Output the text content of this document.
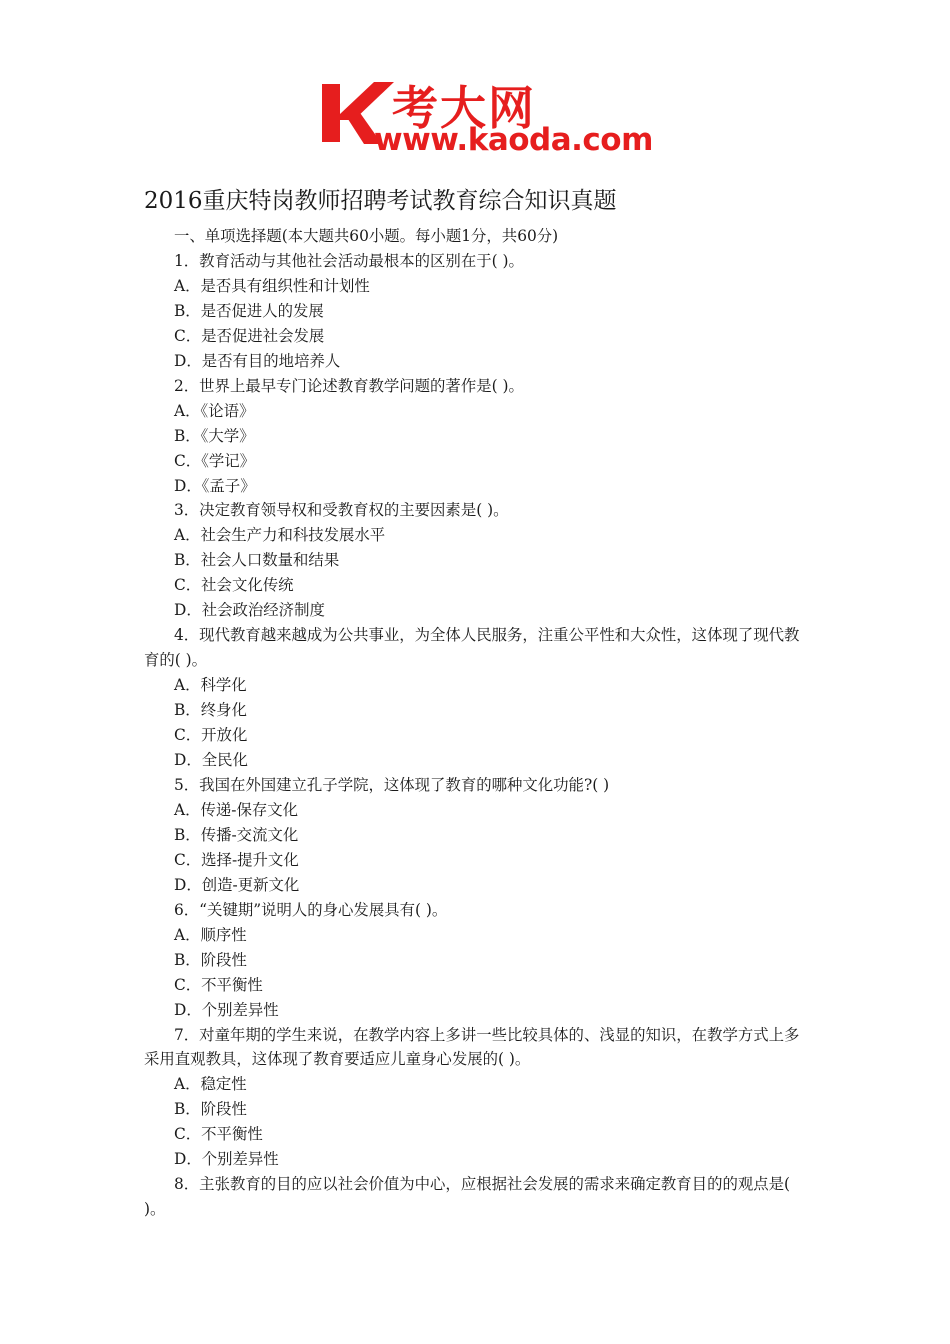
考大网
www.kaoda.com
2016重庆特岗教师招聘考试教育综合知识真题

一、单项选择题(本大题共60小题。每小题1分，共60分)

1．教育活动与其他社会活动最根本的区别在于( )。

A．是否具有组织性和计划性

B．是否促进人的发展

C．是否促进社会发展

D．是否有目的地培养人

2．世界上最早专门论述教育教学问题的著作是( )。

A．《论语》

B．《大学》

C．《学记》

D．《孟子》

3．决定教育领导权和受教育权的主要因素是( )。

A．社会生产力和科技发展水平

B．社会人口数量和结果

C．社会文化传统

D．社会政治经济制度

4．现代教育越来越成为公共事业，为全体人民服务，注重公平性和大众性，这体现了现代教育的( )。

A．科学化

B．终身化

C．开放化

D．全民化

5．我国在外国建立孔子学院，这体现了教育的哪种文化功能?( )

A．传递-保存文化

B．传播-交流文化

C．选择-提升文化

D．创造-更新文化

6．“关键期”说明人的身心发展具有( )。

A．顺序性

B．阶段性

C．不平衡性

D．个别差异性

7．对童年期的学生来说，在教学内容上多讲一些比较具体的、浅显的知识，在教学方式上多采用直观教具，这体现了教育要适应儿童身心发展的( )。

A．稳定性

B．阶段性

C．不平衡性

D．个别差异性

8．主张教育的目的应以社会价值为中心，应根据社会发展的需求来确定教育目的的观点是( )。
